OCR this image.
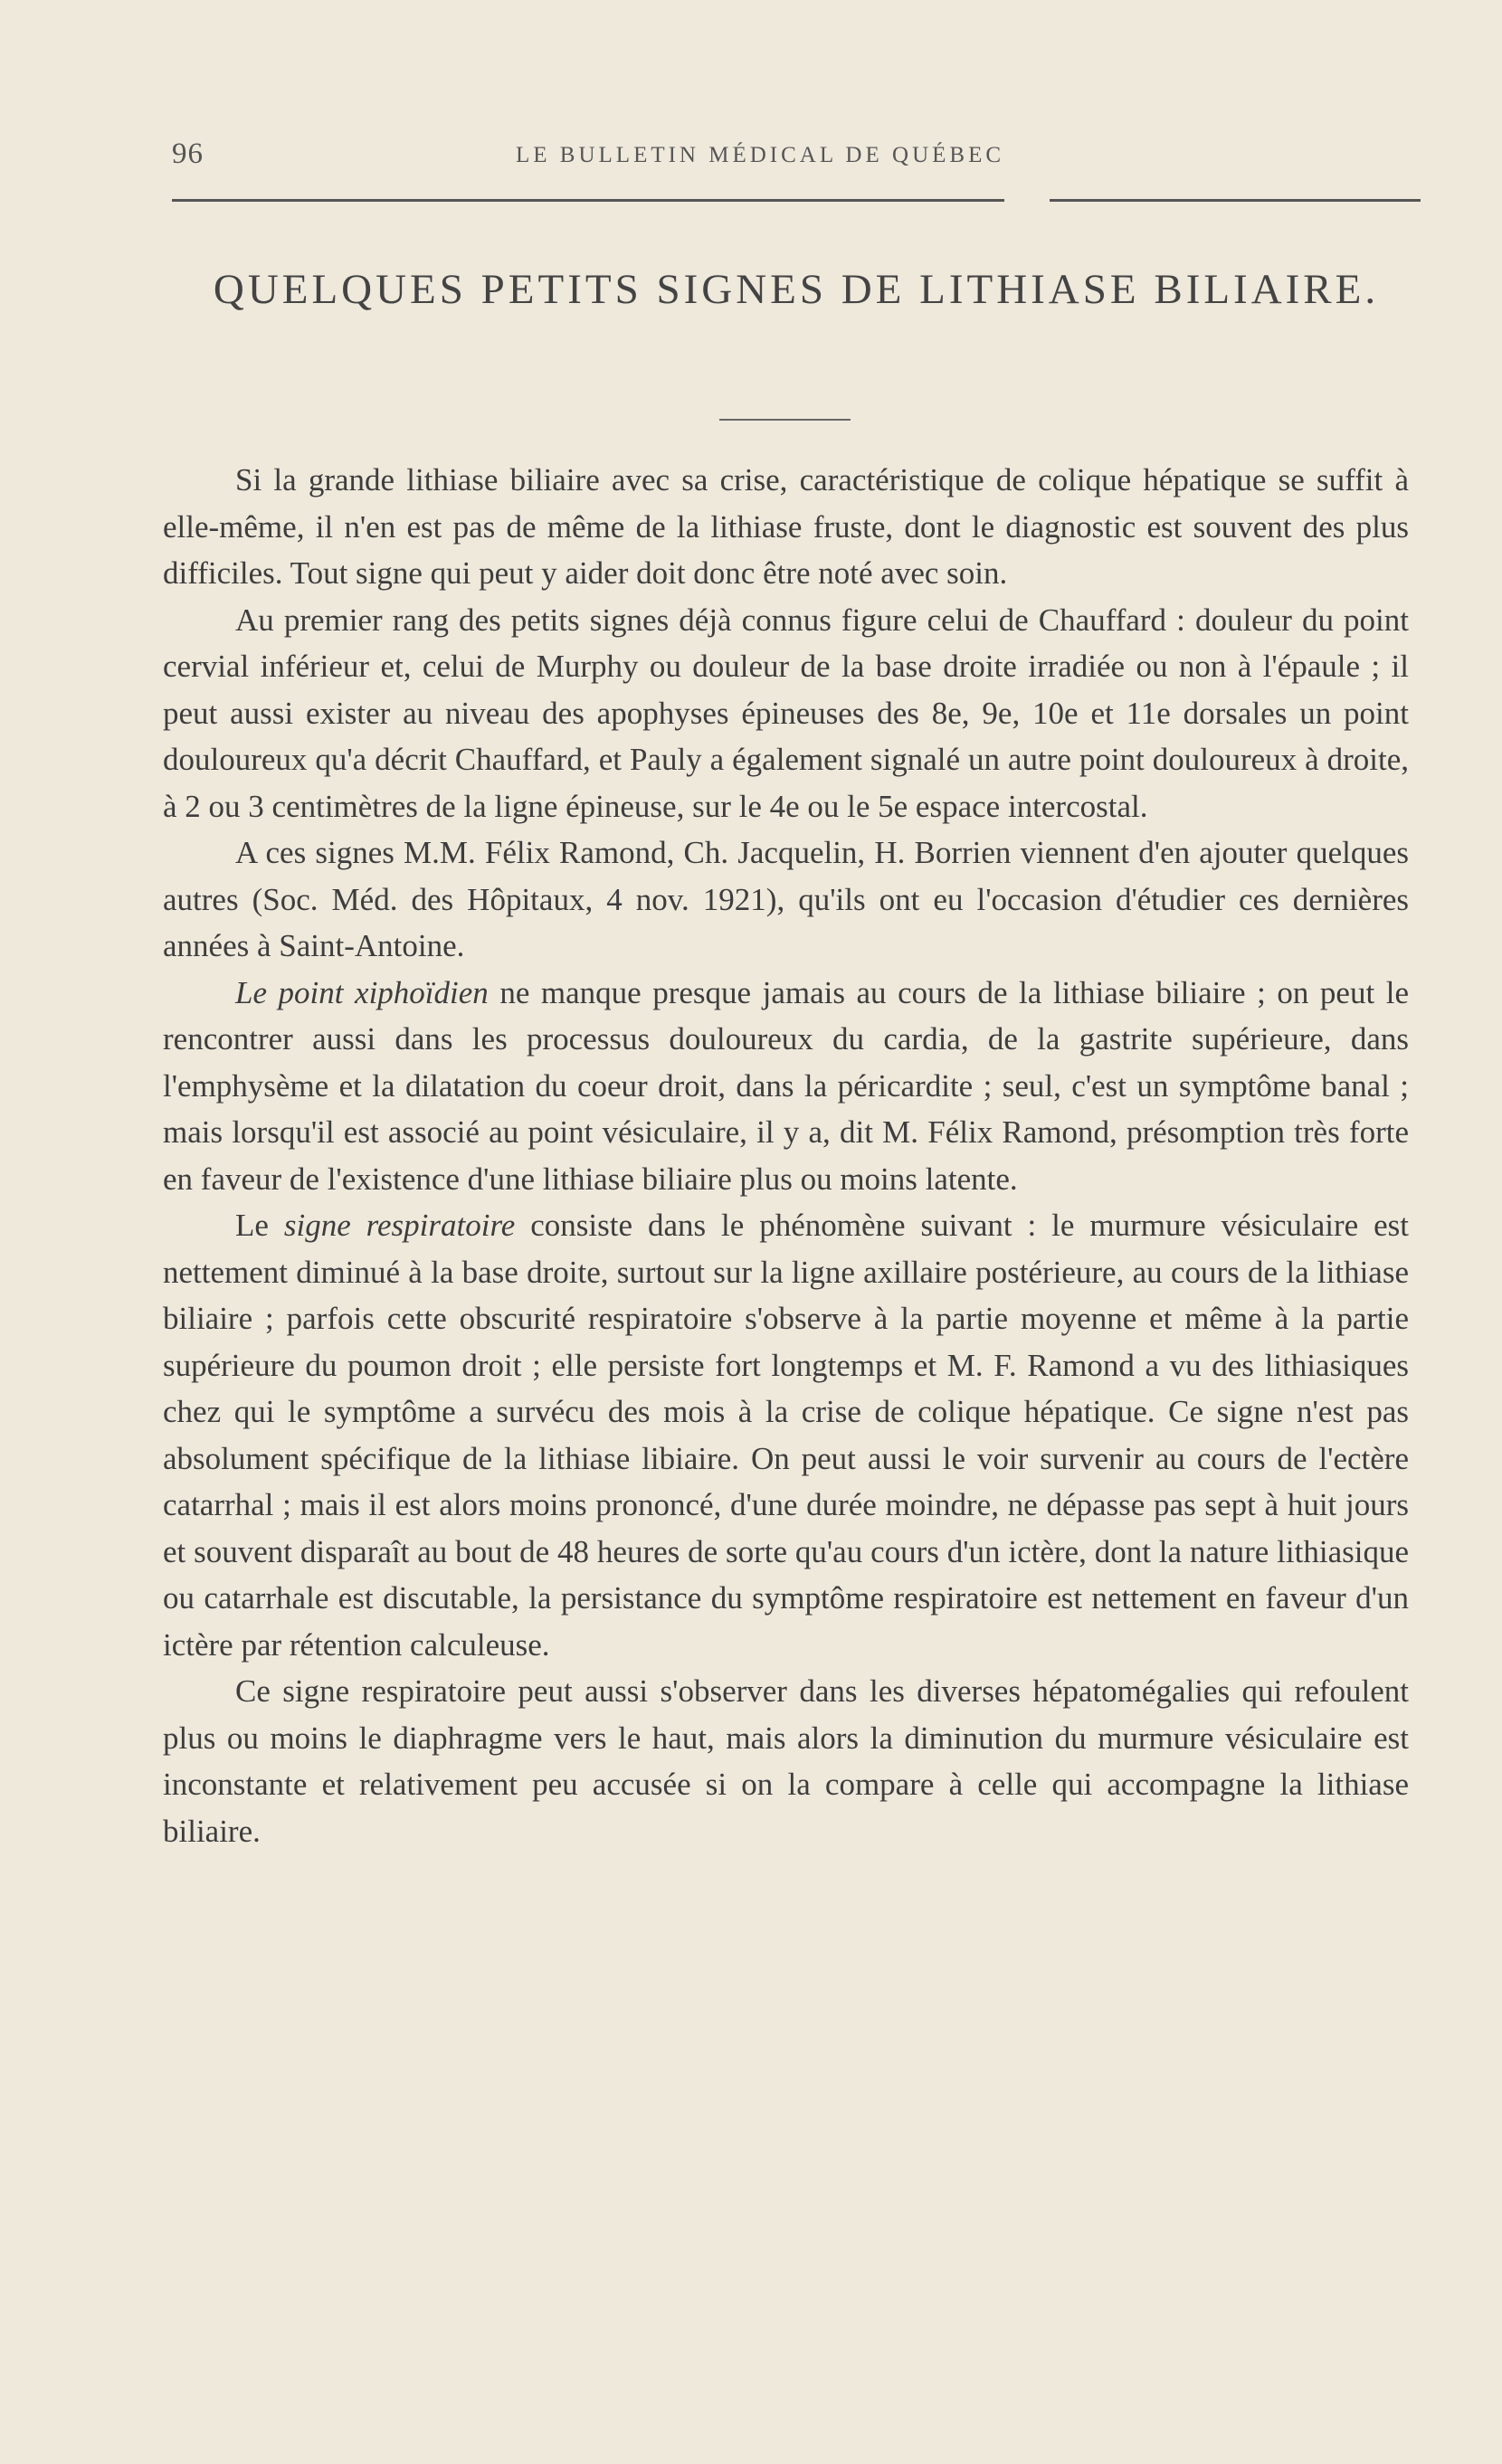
96	LE BULLETIN MÉDICAL DE QUÉBEC
QUELQUES PETITS SIGNES DE LITHIASE BILIAIRE.

Si la grande lithiase biliaire avec sa crise, caractéristique de colique hépatique se suffit à elle-même, il n'en est pas de même de la lithiase fruste, dont le diagnostic est souvent des plus difficiles. Tout signe qui peut y aider doit donc être noté avec soin.

Au premier rang des petits signes déjà connus figure celui de Chauffard : douleur du point cervial inférieur et, celui de Murphy ou douleur de la base droite irradiée ou non à l'épaule ; il peut aussi exister au niveau des apophyses épineuses des 8e, 9e, 10e et 11e dorsales un point douloureux qu'a décrit Chauffard, et Pauly a également signalé un autre point douloureux à droite, à 2 ou 3 centimètres de la ligne épineuse, sur le 4e ou le 5e espace intercostal.

A ces signes M.M. Félix Ramond, Ch. Jacquelin, H. Borrien viennent d'en ajouter quelques autres (Soc. Méd. des Hôpitaux, 4 nov. 1921), qu'ils ont eu l'occasion d'étudier ces dernières années à Saint-Antoine.

Le point xiphoïdien ne manque presque jamais au cours de la lithiase biliaire ; on peut le rencontrer aussi dans les processus douloureux du cardia, de la gastrite supérieure, dans l'emphysème et la dilatation du coeur droit, dans la péricardite ; seul, c'est un symptôme banal ; mais lorsqu'il est associé au point vésiculaire, il y a, dit M. Félix Ramond, présomption très forte en faveur de l'existence d'une lithiase biliaire plus ou moins latente.

Le signe respiratoire consiste dans le phénomène suivant : le murmure vésiculaire est nettement diminué à la base droite, surtout sur la ligne axillaire postérieure, au cours de la lithiase biliaire ; parfois cette obscurité respiratoire s'observe à la partie moyenne et même à la partie supérieure du poumon droit ; elle persiste fort longtemps et M. F. Ramond a vu des lithiasiques chez qui le symptôme a survécu des mois à la crise de colique hépatique. Ce signe n'est pas absolument spécifique de la lithiase libiaire. On peut aussi le voir survenir au cours de l'ectère catarrhal ; mais il est alors moins prononcé, d'une durée moindre, ne dépasse pas sept à huit jours et souvent disparaît au bout de 48 heures de sorte qu'au cours d'un ictère, dont la nature lithiasique ou catarrhale est discutable, la persistance du symptôme respiratoire est nettement en faveur d'un ictère par rétention calculeuse.

Ce signe respiratoire peut aussi s'observer dans les diverses hépatomégalies qui refoulent plus ou moins le diaphragme vers le haut, mais alors la diminution du murmure vésiculaire est inconstante et relativement peu accusée si on la compare à celle qui accompagne la lithiase biliaire.
